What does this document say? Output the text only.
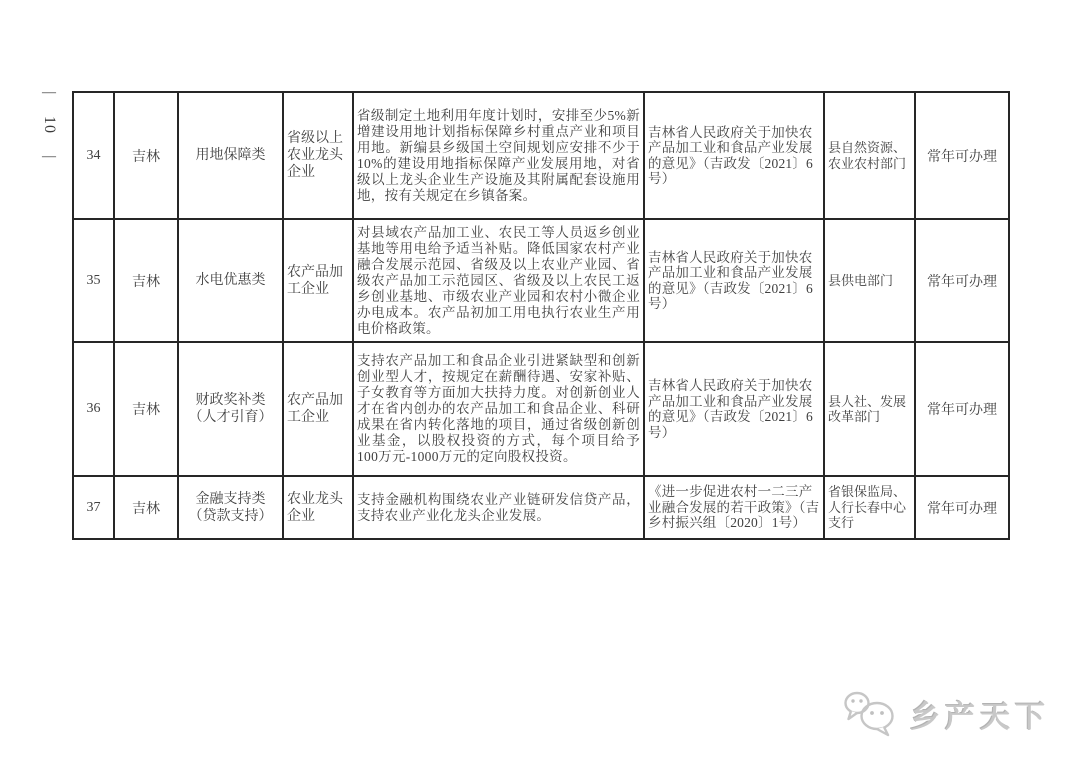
—
10
— 34	吉林	用地保障类	省级以上农业龙头企业	省级制定土地利用年度计划时，安排至少5%新增建设用地计划指标保障乡村重点产业和项目用地。新编县乡级国土空间规划应安排不少于10%的建设用地指标保障产业发展用地，对省级以上龙头企业生产设施及其附属配套设施用地，按有关规定在乡镇备案。	吉林省人民政府关于加快农产品加工业和食品产业发展的意见》（吉政发〔2021〕6号）	县自然资源、农业农村部门	常年可办理
35	吉林	水电优惠类	农产品加工企业	对县域农产品加工业、农民工等人员返乡创业基地等用电给予适当补贴。降低国家农村产业融合发展示范园、省级及以上农业产业园、省级农产品加工示范园区、省级及以上农民工返乡创业基地、市级农业产业园和农村小微企业办电成本。农产品初加工用电执行农业生产用电价格政策。	吉林省人民政府关于加快农产品加工业和食品产业发展的意见》（吉政发〔2021〕6号）	县供电部门	常年可办理
36	吉林	财政奖补类（人才引育）	农产品加工企业	支持农产品加工和食品企业引进紧缺型和创新创业型人才，按规定在薪酬待遇、安家补贴、子女教育等方面加大扶持力度。对创新创业人才在省内创办的农产品加工和食品企业、科研成果在省内转化落地的项目，通过省级创新创业基金，以股权投资的方式，每个项目给予100万元-1000万元的定向股权投资。	吉林省人民政府关于加快农产品加工业和食品产业发展的意见》（吉政发〔2021〕6号）	县人社、发展改革部门	常年可办理
37	吉林	金融支持类（贷款支持）	农业龙头企业	支持金融机构围绕农业产业链研发信贷产品，支持农业产业化龙头企业发展。	《进一步促进农村一二三产业融合发展的若干政策》（吉乡村振兴组〔2020〕1号）	省银保监局、人行长春中心支行	常年可办理
乡产天下
